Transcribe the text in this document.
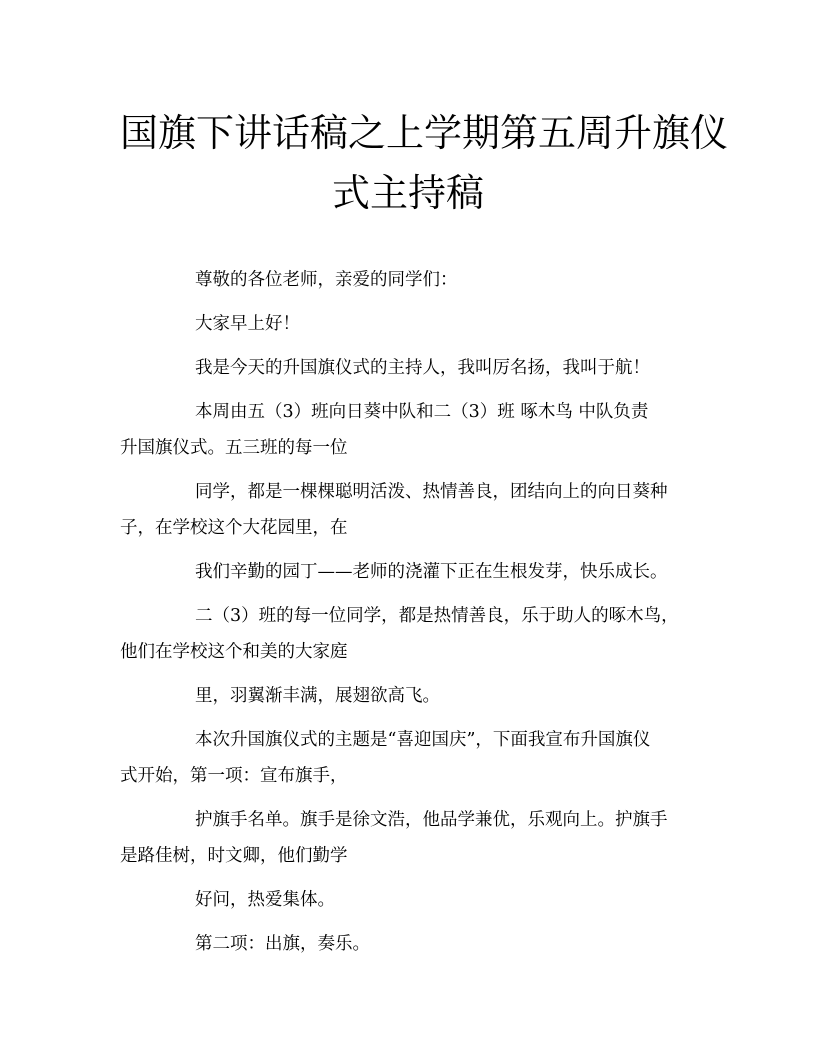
国旗下讲话稿之上学期第五周升旗仪
式主持稿

尊敬的各位老师，亲爱的同学们：

大家早上好！

我是今天的升国旗仪式的主持人，我叫厉名扬，我叫于航！

本周由五（3）班向日葵中队和二（3）班 啄木鸟 中队负责
升国旗仪式。五三班的每一位

同学，都是一棵棵聪明活泼、热情善良，团结向上的向日葵种
子，在学校这个大花园里，在

我们辛勤的园丁——老师的浇灌下正在生根发芽，快乐成长。

二（3）班的每一位同学，都是热情善良，乐于助人的啄木鸟，
他们在学校这个和美的大家庭

里，羽翼渐丰满，展翅欲高飞。

本次升国旗仪式的主题是“喜迎国庆”，下面我宣布升国旗仪
式开始，第一项：宣布旗手，

护旗手名单。旗手是徐文浩，他品学兼优，乐观向上。护旗手
是路佳树，时文卿，他们勤学

好问，热爱集体。

第二项：出旗，奏乐。
